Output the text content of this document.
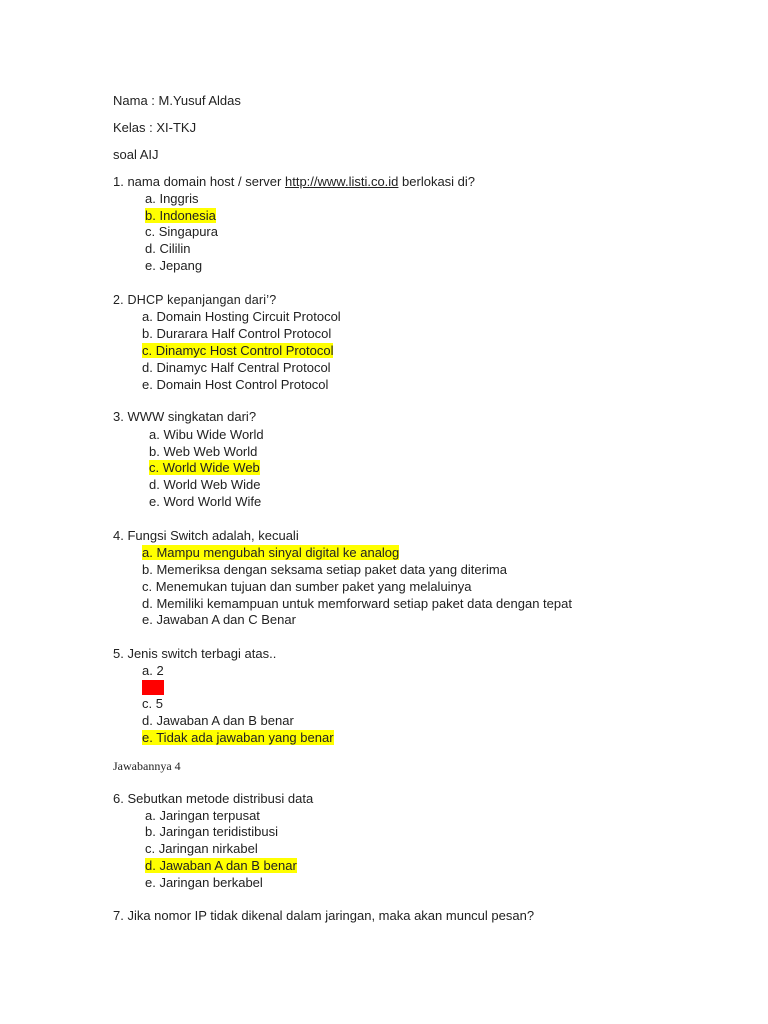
Nama : M.Yusuf Aldas
Kelas : XI-TKJ
soal AIJ
1. nama domain host / server http://www.listi.co.id berlokasi di?
a. Inggris
b. Indonesia
c. Singapura
d. Cililin
e. Jepang
2. DHCP kepanjangan dari’?
a. Domain Hosting Circuit Protocol
b. Durarara Half Control Protocol
c. Dinamyc Host Control Protocol
d. Dinamyc Half Central Protocol
e. Domain Host Control Protocol
3. WWW singkatan dari?
a. Wibu Wide World
b. Web Web World
c. World Wide Web
d. World Web Wide
e. Word World Wife
4. Fungsi Switch adalah, kecuali
a. Mampu mengubah sinyal digital ke analog
b. Memeriksa dengan seksama setiap paket data yang diterima
c. Menemukan tujuan dan sumber paket yang melaluinya
d. Memiliki kemampuan untuk memforward setiap paket data dengan tepat
e. Jawaban A dan C Benar
5. Jenis switch terbagi atas..
a. 2
b. 3
c. 5
d. Jawaban A dan B benar
e. Tidak ada jawaban yang benar
Jawabannya 4
6. Sebutkan metode distribusi data
a. Jaringan terpusat
b. Jaringan teridistibusi
c. Jaringan nirkabel
d. Jawaban A dan B benar
e. Jaringan berkabel
7. Jika nomor IP tidak dikenal dalam jaringan, maka akan muncul pesan?
